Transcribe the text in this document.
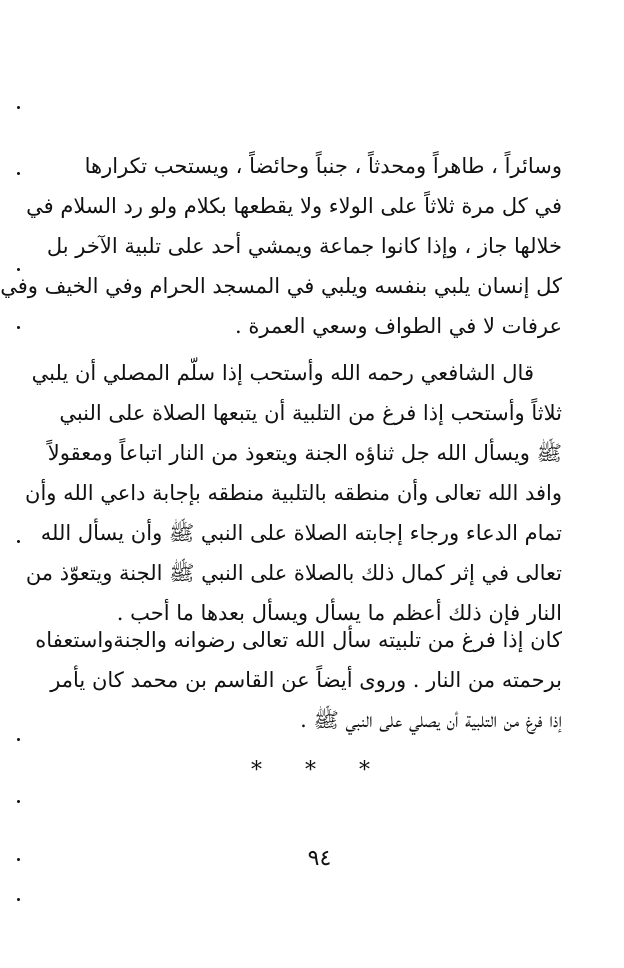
وسائراً ، طاهراً ومحدثاً ، جنباً وحائضاً ، ويستحب تكرارها
في كل مرة ثلاثاً على الولاء ولا يقطعها بكلام ولو رد السلام في
خلالها جاز ، وإذا كانوا جماعة ويمشي أحد على تلبية الآخر بل
كل إنسان يلبي بنفسه ويلبي في المسجد الحرام وفي الخيف وفي
عرفات لا في الطواف وسعي العمرة .
قال الشافعي رحمه الله وأستحب إذا سلّم المصلي أن يلبي
ثلاثاً وأستحب إذا فرغ من التلبية أن يتبعها الصلاة على النبي
ﷺ ويسأل الله جل ثناؤه الجنة ويتعوذ من النار اتباعاً ومعقولاً
وافد الله تعالى وأن منطقه بالتلبية منطقه بإجابة داعي الله وأن
تمام الدعاء ورجاء إجابته الصلاة على النبي ﷺ وأن يسأل الله
تعالى في إثر كمال ذلك بالصلاة على النبي ﷺ الجنة ويتعوّذ من
النار فإن ذلك أعظم ما يسأل ويسأل بعدها ما أحب .
كان إذا فرغ من تلبيته سأل الله تعالى رضوانه والجنةواستعفاه
برحمته من النار . وروى أيضاً عن القاسم بن محمد كان يأمر
إذا فرغ من التلبية أن يصلي على النبي ﷺ .
* * *
٩٤
